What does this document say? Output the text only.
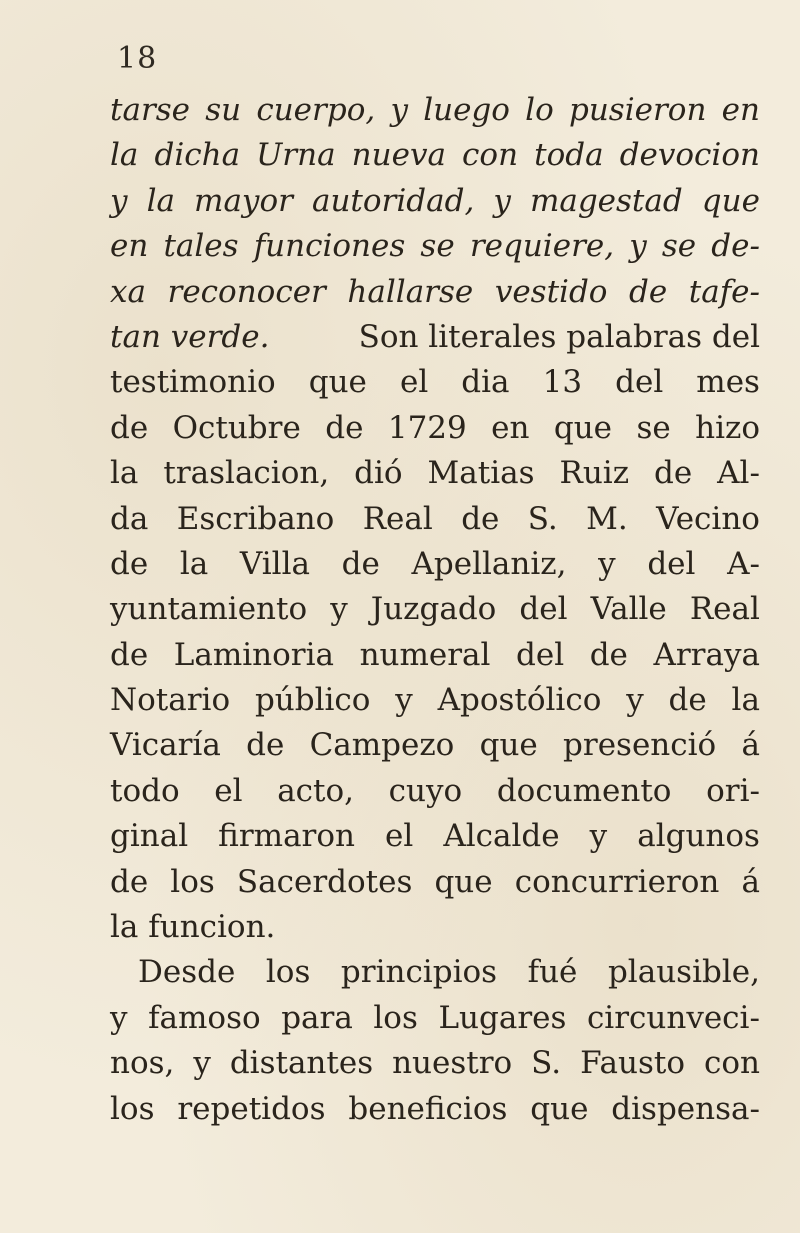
18
tarse su cuerpo, y luego lo pusieron en
la dicha Urna nueva con toda devocion
y la mayor autoridad, y magestad que
en tales funciones se requiere, y se de-
xa reconocer hallarse vestido de tafe-
tan verde.	Son literales palabras del
testimonio que el dia 13 del mes
de Octubre de 1729 en que se hizo
la traslacion, dió Matias Ruiz de Al-
da Escribano Real de S. M. Vecino
de la Villa de Apellaniz, y del A-
yuntamiento y Juzgado del Valle Real
de Laminoria numeral del de Arraya
Notario público y Apostólico y de la
Vicaría de Campezo que presenció á
todo el acto, cuyo documento ori-
ginal firmaron el Alcalde y algunos
de los Sacerdotes que concurrieron á
la funcion.
Desde los principios fué plausible,
y famoso para los Lugares circunveci-
nos, y distantes nuestro S. Fausto con
los repetidos beneficios que dispensa-
